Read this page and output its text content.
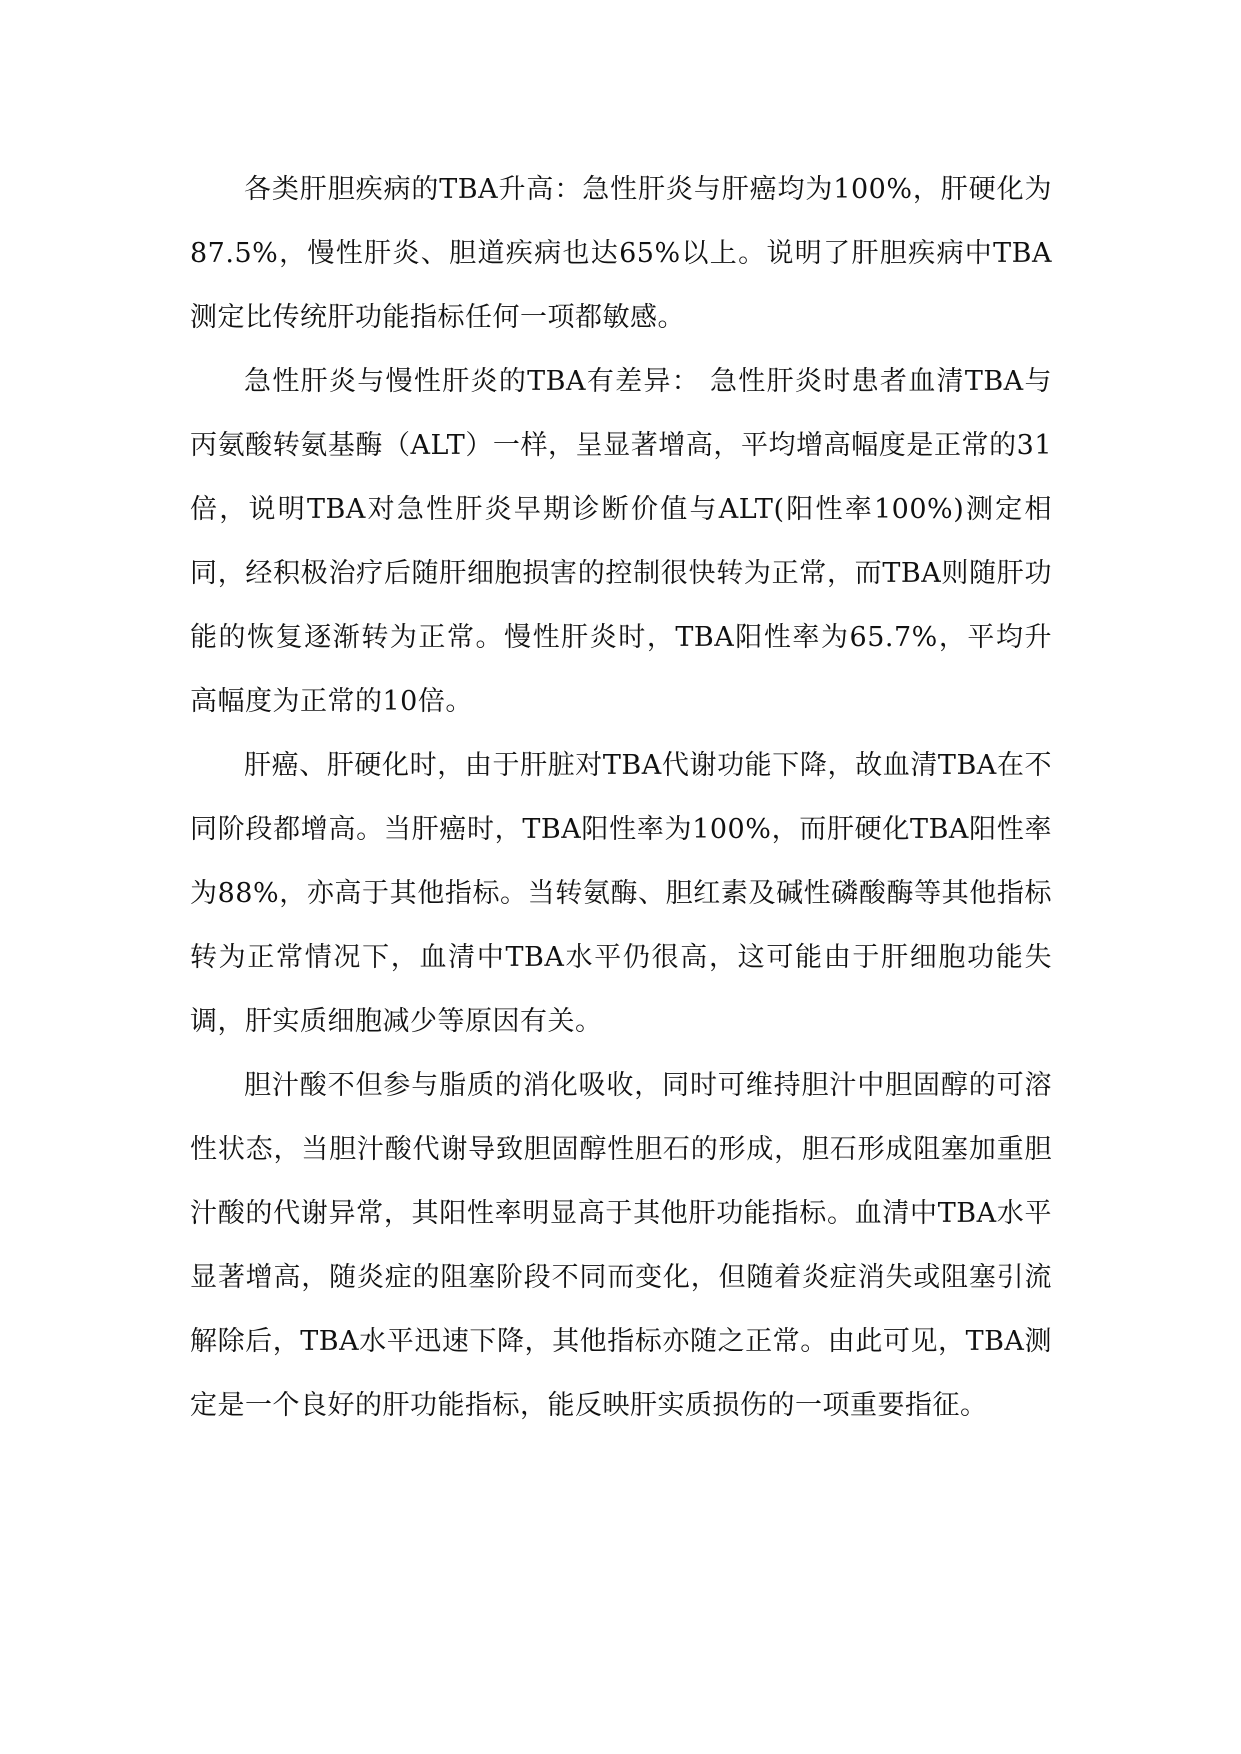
各类肝胆疾病的TBA升高：急性肝炎与肝癌均为100%，肝硬化为87.5%，慢性肝炎、胆道疾病也达65%以上。说明了肝胆疾病中TBA测定比传统肝功能指标任何一项都敏感。

急性肝炎与慢性肝炎的TBA有差异： 急性肝炎时患者血清TBA与丙氨酸转氨基酶（ALT）一样，呈显著增高，平均增高幅度是正常的31倍，说明TBA对急性肝炎早期诊断价值与ALT(阳性率100%)测定相同，经积极治疗后随肝细胞损害的控制很快转为正常，而TBA则随肝功能的恢复逐渐转为正常。慢性肝炎时，TBA阳性率为65.7%，平均升高幅度为正常的10倍。

肝癌、肝硬化时，由于肝脏对TBA代谢功能下降，故血清TBA在不同阶段都增高。当肝癌时，TBA阳性率为100%，而肝硬化TBA阳性率为88%，亦高于其他指标。当转氨酶、胆红素及碱性磷酸酶等其他指标转为正常情况下，血清中TBA水平仍很高，这可能由于肝细胞功能失调，肝实质细胞减少等原因有关。

胆汁酸不但参与脂质的消化吸收，同时可维持胆汁中胆固醇的可溶性状态，当胆汁酸代谢导致胆固醇性胆石的形成，胆石形成阻塞加重胆汁酸的代谢异常，其阳性率明显高于其他肝功能指标。血清中TBA水平显著增高，随炎症的阻塞阶段不同而变化，但随着炎症消失或阻塞引流解除后，TBA水平迅速下降，其他指标亦随之正常。由此可见，TBA测定是一个良好的肝功能指标，能反映肝实质损伤的一项重要指征。
